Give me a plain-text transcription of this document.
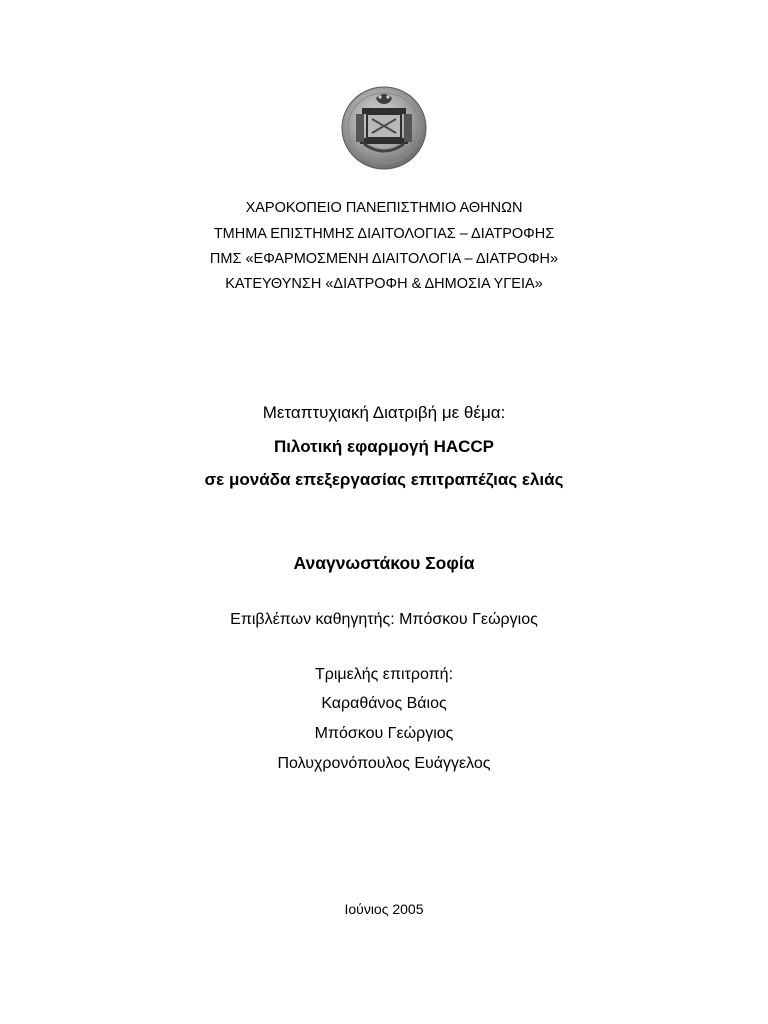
ΧΑΡΟΚΟΠΕΙΟ ΠΑΝΕΠΙΣΤΗΜΙΟ ΑΘΗΝΩΝ
ΤΜΗΜΑ ΕΠΙΣΤΗΜΗΣ ΔΙΑΙΤΟΛΟΓΙΑΣ – ΔΙΑΤΡΟΦΗΣ
ΠΜΣ «ΕΦΑΡΜΟΣΜΕΝΗ ΔΙΑΙΤΟΛΟΓΙΑ – ΔΙΑΤΡΟΦΗ»
ΚΑΤΕΥΘΥΝΣΗ «ΔΙΑΤΡΟΦΗ & ΔΗΜΟΣΙΑ ΥΓΕΙΑ»
Μεταπτυχιακή Διατριβή με θέμα:
Πιλοτική εφαρμογή HACCP
σε μονάδα επεξεργασίας επιτραπέζιας ελιάς
Αναγνωστάκου Σοφία
Επιβλέπων καθηγητής: Μπόσκου Γεώργιος
Τριμελής επιτροπή:
Καραθάνος Βάιος
Μπόσκου Γεώργιος
Πολυχρονόπουλος Ευάγγελος
Ιούνιος 2005
